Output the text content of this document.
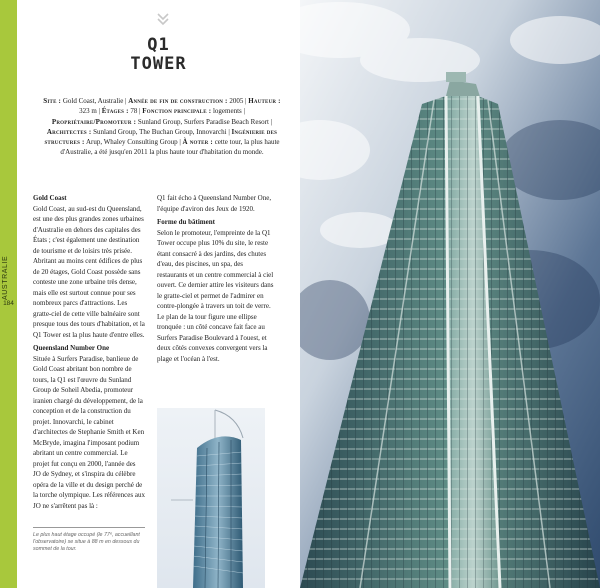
AUSTRALIE
184
Q1
TOWER
Site : Gold Coast, Australie | Année de fin de construction : 2005 | Hauteur : 323 m | Étages : 78 | Fonction principale : logements | Propriétaire/Promoteur : Sunland Group, Surfers Paradise Beach Resort | Architectes : Sunland Group, The Buchan Group, Innovarchi | Ingénierie des structures : Arup, Whaley Consulting Group | À noter : cette tour, la plus haute d'Australie, a été jusqu'en 2011 la plus haute tour d'habitation du monde.
Gold Coast

Gold Coast, au sud-est du Queensland, est une des plus grandes zones urbaines d'Australie en dehors des capitales des États ; c'est également une destination de tourisme et de loisirs très prisée. Abritant au moins cent édifices de plus de 20 étages, Gold Coast possède sans conteste une zone urbaine très dense, mais elle est surtout connue pour ses nombreux parcs d'attractions. Les gratte-ciel de cette ville balnéaire sont presque tous des tours d'habitation, et la Q1 Tower est la plus haute d'entre elles.

Queensland Number One

Située à Surfers Paradise, banlieue de Gold Coast abritant bon nombre de tours, la Q1 est l'œuvre du Sunland Group de Soheil Abedia, promoteur iranien chargé du développement, de la conception et de la construction du projet. Innovarchi, le cabinet d'architectes de Stephanie Smith et Ken McBryde, imagina l'imposant podium abritant un centre commercial. Le projet fut conçu en 2000, l'année des JO de Sydney, et s'inspira du célèbre opéra de la ville et du design perché de la torche olympique. Les références aux JO ne s'arrêtent pas là :

Q1 fait écho à Queensland Number One, l'équipe d'aviron des Jeux de 1920.

Forme du bâtiment

Selon le promoteur, l'empreinte de la Q1 Tower occupe plus 10% du site, le reste étant consacré à des jardins, des chutes d'eau, des piscines, un spa, des restaurants et un centre commercial à ciel ouvert. Ce dernier attire les visiteurs dans le gratte-ciel et permet de l'admirer en contre-plongée à travers un toit de verre. Le plan de la tour figure une ellipse tronquée : un côté concave fait face au Surfers Paradise Boulevard à l'ouest, et deux côtés convexes convergent vers la plage et l'océan à l'est.

Le plus haut étage occupé (le 77ᵉ, accueillant l'observatoire) se situe à 88 m en dessous du sommet de la tour.
